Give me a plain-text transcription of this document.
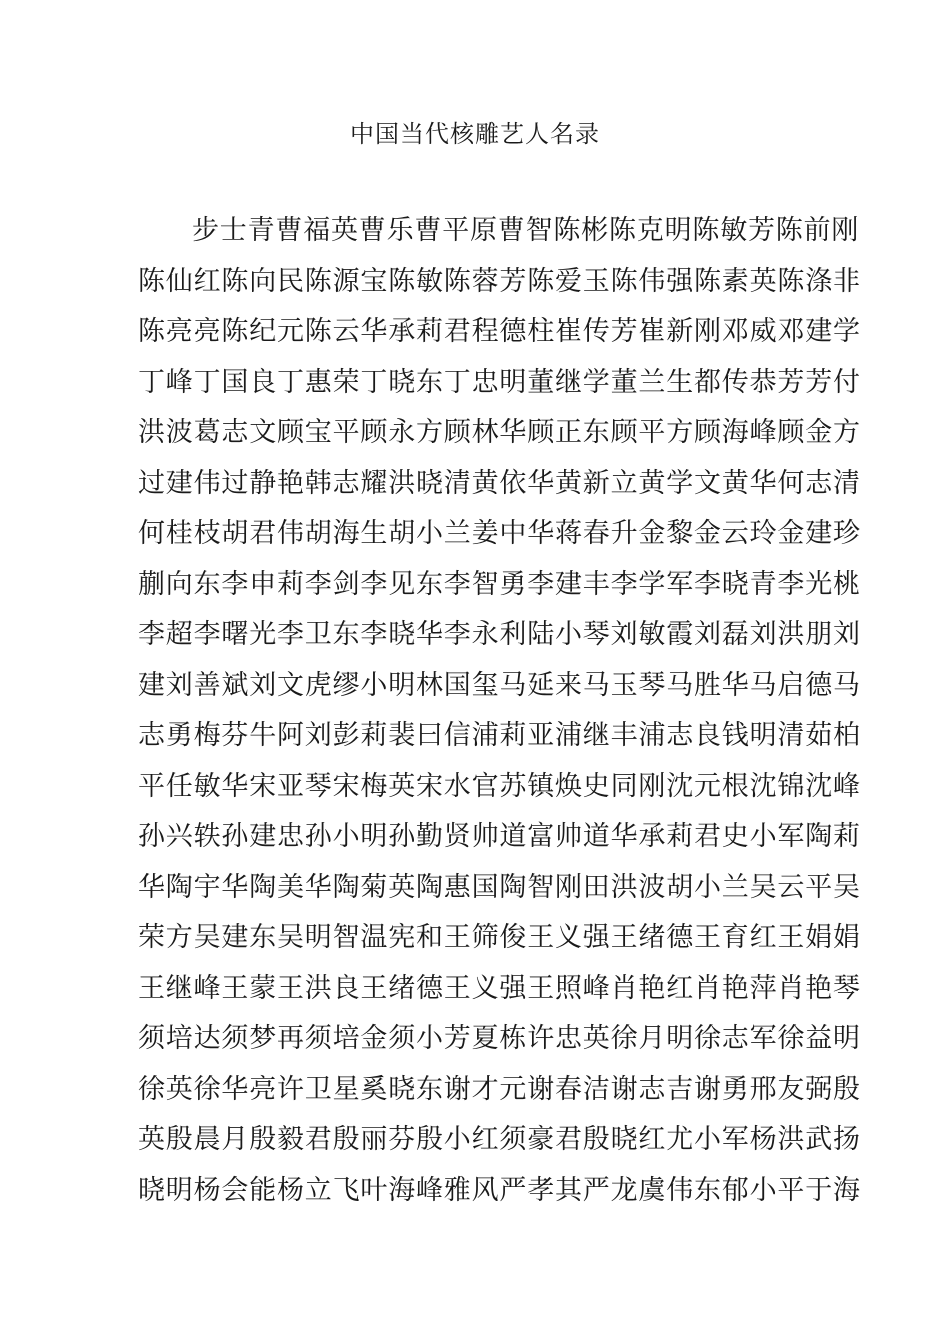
中国当代核雕艺人名录
步士青曹福英曹乐曹平原曹智陈彬陈克明陈敏芳陈前刚
陈仙红陈向民陈源宝陈敏陈蓉芳陈爱玉陈伟强陈素英陈涤非
陈亮亮陈纪元陈云华承莉君程德柱崔传芳崔新刚邓威邓建学
丁峰丁国良丁惠荣丁晓东丁忠明董继学董兰生都传恭芳芳付
洪波葛志文顾宝平顾永方顾林华顾正东顾平方顾海峰顾金方
过建伟过静艳韩志耀洪晓清黄依华黄新立黄学文黄华何志清
何桂枝胡君伟胡海生胡小兰姜中华蒋春升金黎金云玲金建珍
蒯向东李申莉李剑李见东李智勇李建丰李学军李晓青李光桃
李超李曙光李卫东李晓华李永利陆小琴刘敏霞刘磊刘洪朋刘
建刘善斌刘文虎缪小明林国玺马延来马玉琴马胜华马启德马
志勇梅芬牛阿刘彭莉裴曰信浦莉亚浦继丰浦志良钱明清茹柏
平任敏华宋亚琴宋梅英宋水官苏镇焕史同刚沈元根沈锦沈峰
孙兴轶孙建忠孙小明孙勤贤帅道富帅道华承莉君史小军陶莉
华陶宇华陶美华陶菊英陶惠国陶智刚田洪波胡小兰吴云平吴
荣方吴建东吴明智温宪和王筛俊王义强王绪德王育红王娟娟
王继峰王蒙王洪良王绪德王义强王照峰肖艳红肖艳萍肖艳琴
须培达须梦再须培金须小芳夏栋许忠英徐月明徐志军徐益明
徐英徐华亮许卫星奚晓东谢才元谢春洁谢志吉谢勇邢友弼殷
英殷晨月殷毅君殷丽芬殷小红须豪君殷晓红尤小军杨洪武扬
晓明杨会能杨立飞叶海峰雅风严孝其严龙虞伟东郁小平于海
